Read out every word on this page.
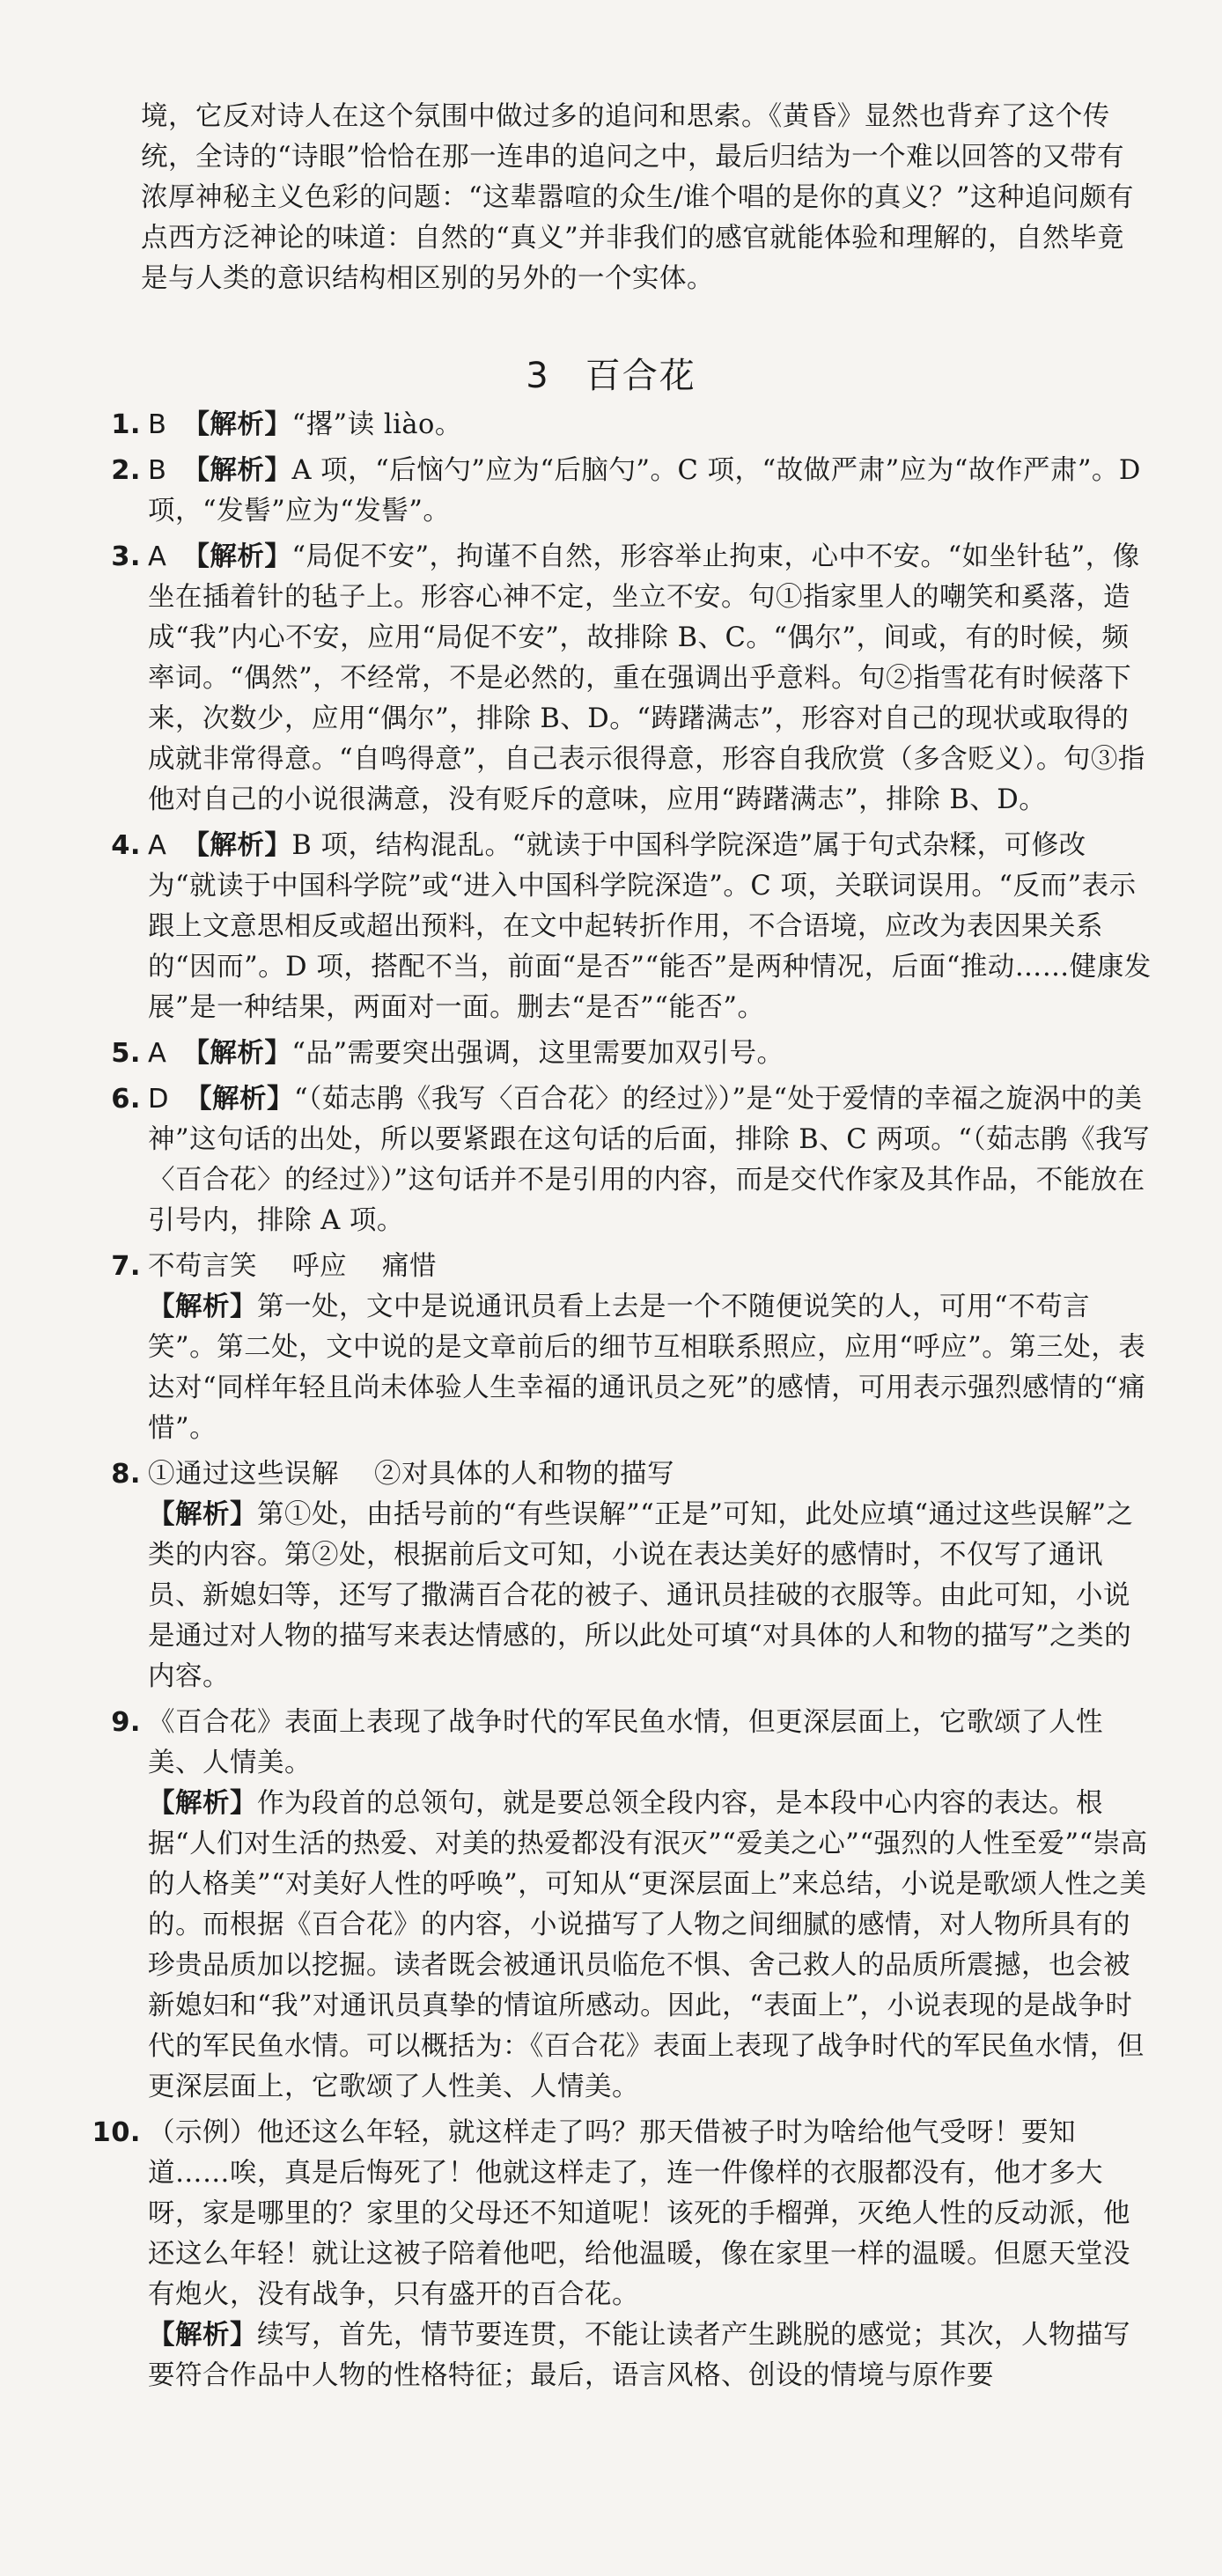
境，它反对诗人在这个氛围中做过多的追问和思索。《黄昏》显然也背弃了这个传统，全诗的“诗眼”恰恰在那一连串的追问之中，最后归结为一个难以回答的又带有浓厚神秘主义色彩的问题：“这辈嚣喧的众生/谁个唱的是你的真义？”这种追问颇有点西方泛神论的味道：自然的“真义”并非我们的感官就能体验和理解的，自然毕竟是与人类的意识结构相区别的另外的一个实体。

3 百合花
1. B 【解析】“撂”读 liào。

2. B 【解析】A 项，“后恼勺”应为“后脑勺”。C 项，“故做严肃”应为“故作严肃”。D 项，“发髻”应为“发髻”。

3. A 【解析】“局促不安”，拘谨不自然，形容举止拘束，心中不安。“如坐针毡”，像坐在插着针的毡子上。形容心神不定，坐立不安。句①指家里人的嘲笑和奚落，造成“我”内心不安，应用“局促不安”，故排除 B、C。“偶尔”，间或，有的时候，频率词。“偶然”，不经常，不是必然的，重在强调出乎意料。句②指雪花有时候落下来，次数少，应用“偶尔”，排除 B、D。“踌躇满志”，形容对自己的现状或取得的成就非常得意。“自鸣得意”，自己表示很得意，形容自我欣赏（多含贬义）。句③指他对自己的小说很满意，没有贬斥的意味，应用“踌躇满志”，排除 B、D。

4. A 【解析】B 项，结构混乱。“就读于中国科学院深造”属于句式杂糅，可修改为“就读于中国科学院”或“进入中国科学院深造”。C 项，关联词误用。“反而”表示跟上文意思相反或超出预料，在文中起转折作用，不合语境，应改为表因果关系的“因而”。D 项，搭配不当，前面“是否”“能否”是两种情况，后面“推动……健康发展”是一种结果，两面对一面。删去“是否”“能否”。

5. A 【解析】“品”需要突出强调，这里需要加双引号。

6. D 【解析】“（茹志鹃《我写〈百合花〉的经过》）”是“处于爱情的幸福之旋涡中的美神”这句话的出处，所以要紧跟在这句话的后面，排除 B、C 两项。“（茹志鹃《我写〈百合花〉的经过》）”这句话并不是引用的内容，而是交代作家及其作品，不能放在引号内，排除 A 项。

7. 不苟言笑 呼应 痛惜

【解析】第一处，文中是说通讯员看上去是一个不随便说笑的人，可用“不苟言笑”。第二处，文中说的是文章前后的细节互相联系照应，应用“呼应”。第三处，表达对“同样年轻且尚未体验人生幸福的通讯员之死”的感情，可用表示强烈感情的“痛惜”。

8. ①通过这些误解 ②对具体的人和物的描写

【解析】第①处，由括号前的“有些误解”“正是”可知，此处应填“通过这些误解”之类的内容。第②处，根据前后文可知，小说在表达美好的感情时，不仅写了通讯员、新媳妇等，还写了撒满百合花的被子、通讯员挂破的衣服等。由此可知，小说是通过对人物的描写来表达情感的，所以此处可填“对具体的人和物的描写”之类的内容。

9. 《百合花》表面上表现了战争时代的军民鱼水情，但更深层面上，它歌颂了人性美、人情美。

【解析】作为段首的总领句，就是要总领全段内容，是本段中心内容的表达。根据“人们对生活的热爱、对美的热爱都没有泯灭”“爱美之心”“强烈的人性至爱”“崇高的人格美”“对美好人性的呼唤”，可知从“更深层面上”来总结，小说是歌颂人性之美的。而根据《百合花》的内容，小说描写了人物之间细腻的感情，对人物所具有的珍贵品质加以挖掘。读者既会被通讯员临危不惧、舍己救人的品质所震撼，也会被新媳妇和“我”对通讯员真挚的情谊所感动。因此，“表面上”，小说表现的是战争时代的军民鱼水情。可以概括为：《百合花》表面上表现了战争时代的军民鱼水情，但更深层面上，它歌颂了人性美、人情美。

10. （示例）他还这么年轻，就这样走了吗？那天借被子时为啥给他气受呀！要知道……唉，真是后悔死了！他就这样走了，连一件像样的衣服都没有，他才多大呀，家是哪里的？家里的父母还不知道呢！该死的手榴弹，灭绝人性的反动派，他还这么年轻！就让这被子陪着他吧，给他温暖，像在家里一样的温暖。但愿天堂没有炮火，没有战争，只有盛开的百合花。

【解析】续写，首先，情节要连贯，不能让读者产生跳脱的感觉；其次，人物描写要符合作品中人物的性格特征；最后，语言风格、创设的情境与原作要
